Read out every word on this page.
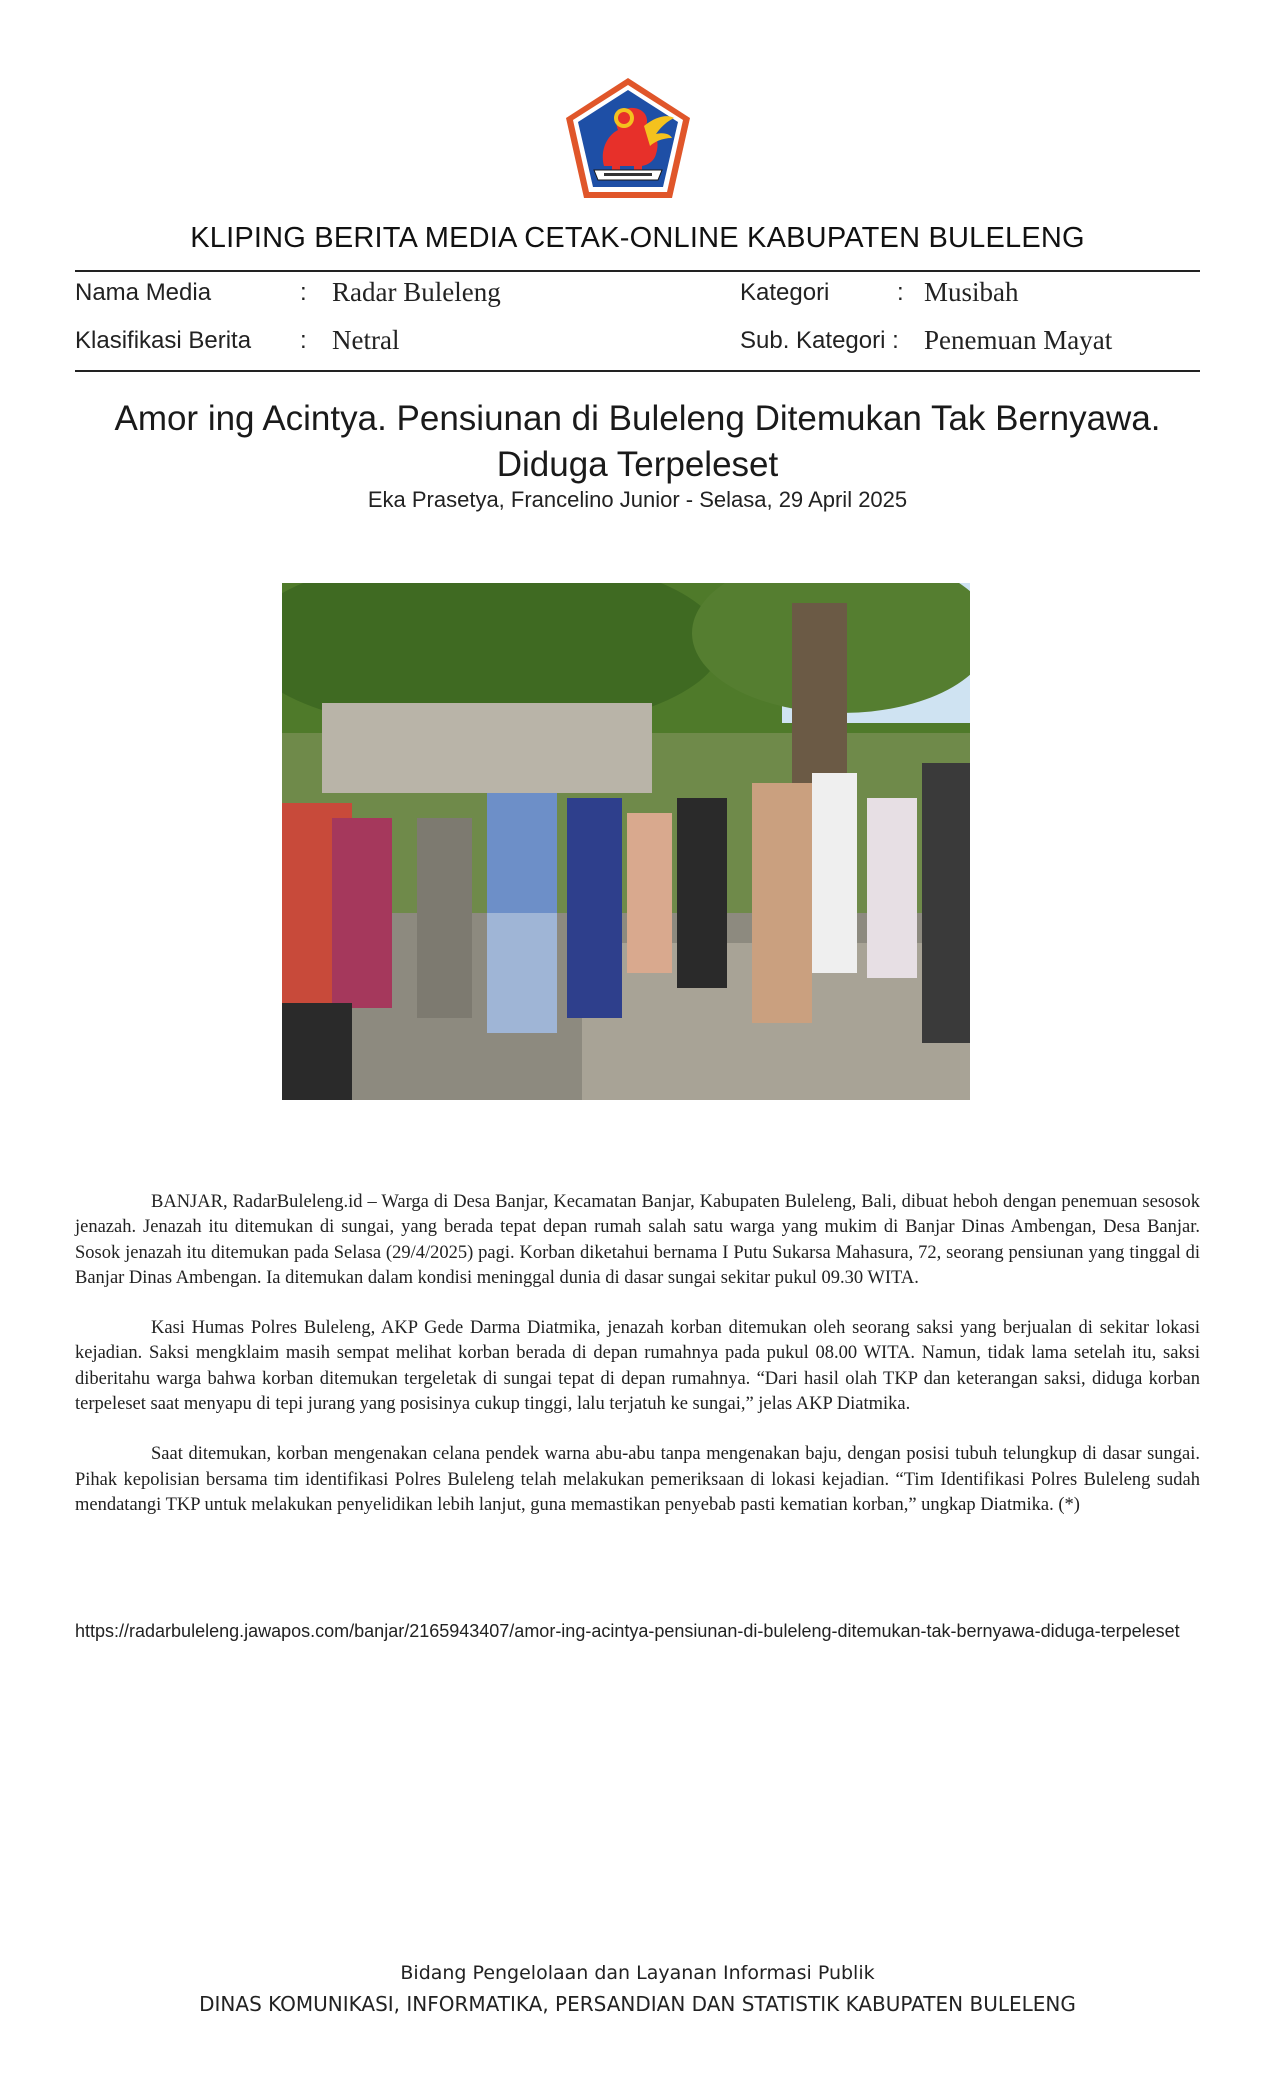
KLIPING BERITA MEDIA CETAK-ONLINE KABUPATEN BULELENG
Nama Media	: Radar Buleleng	Kategori	: Musibah
Klasifikasi Berita : Netral	Sub. Kategori : Penemuan Mayat
Amor ing Acintya. Pensiunan di Buleleng Ditemukan Tak Bernyawa.
Diduga Terpeleset
Eka Prasetya, Francelino Junior - Selasa, 29 April 2025

BANJAR, RadarBuleleng.id – Warga di Desa Banjar, Kecamatan Banjar, Kabupaten Buleleng, Bali, dibuat heboh dengan penemuan sesosok jenazah. Jenazah itu ditemukan di sungai, yang berada tepat depan rumah salah satu warga yang mukim di Banjar Dinas Ambengan, Desa Banjar. Sosok jenazah itu ditemukan pada Selasa (29/4/2025) pagi. Korban diketahui bernama I Putu Sukarsa Mahasura, 72, seorang pensiunan yang tinggal di Banjar Dinas Ambengan. Ia ditemukan dalam kondisi meninggal dunia di dasar sungai sekitar pukul 09.30 WITA.

Kasi Humas Polres Buleleng, AKP Gede Darma Diatmika, jenazah korban ditemukan oleh seorang saksi yang berjualan di sekitar lokasi kejadian. Saksi mengklaim masih sempat melihat korban berada di depan rumahnya pada pukul 08.00 WITA. Namun, tidak lama setelah itu, saksi diberitahu warga bahwa korban ditemukan tergeletak di sungai tepat di depan rumahnya. “Dari hasil olah TKP dan keterangan saksi, diduga korban terpeleset saat menyapu di tepi jurang yang posisinya cukup tinggi, lalu terjatuh ke sungai,” jelas AKP Diatmika.

Saat ditemukan, korban mengenakan celana pendek warna abu-abu tanpa mengenakan baju, dengan posisi tubuh telungkup di dasar sungai. Pihak kepolisian bersama tim identifikasi Polres Buleleng telah melakukan pemeriksaan di lokasi kejadian. “Tim Identifikasi Polres Buleleng sudah mendatangi TKP untuk melakukan penyelidikan lebih lanjut, guna memastikan penyebab pasti kematian korban,” ungkap Diatmika. (*)

https://radarbuleleng.jawapos.com/banjar/2165943407/amor-ing-acintya-pensiunan-di-buleleng-ditemukan-tak-bernyawa-diduga-terpeleset
Bidang Pengelolaan dan Layanan Informasi Publik
DINAS KOMUNIKASI, INFORMATIKA, PERSANDIAN DAN STATISTIK KABUPATEN BULELENG
